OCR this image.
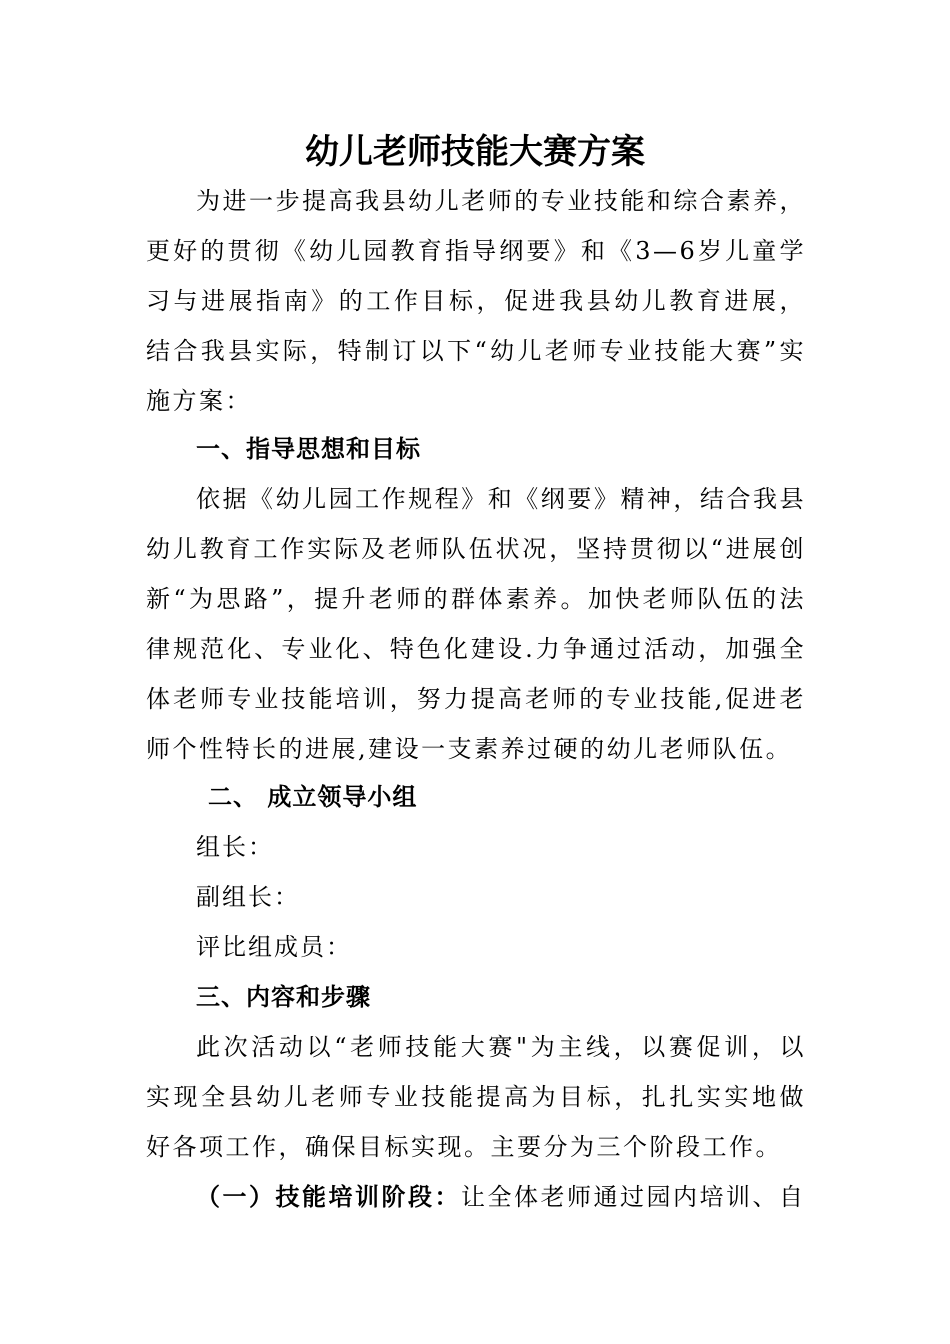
幼儿老师技能大赛方案
为进一步提高我县幼儿老师的专业技能和综合素养，更好的贯彻《幼儿园教育指导纲要》和《3—6岁儿童学习与进展指南》的工作目标，促进我县幼儿教育进展，结合我县实际，特制订以下“幼儿老师专业技能大赛”实施方案：
一、指导思想和目标
依据《幼儿园工作规程》和《纲要》精神，结合我县幼儿教育工作实际及老师队伍状况，坚持贯彻以“进展创新“为思路”，提升老师的群体素养。加快老师队伍的法律规范化、专业化、特色化建设.力争通过活动，加强全体老师专业技能培训，努力提高老师的专业技能,促进老师个性特长的进展,建设一支素养过硬的幼儿老师队伍。
二、 成立领导小组
组长：
副组长：
评比组成员：
三、内容和步骤
此次活动以“老师技能大赛"为主线，以赛促训，以实现全县幼儿老师专业技能提高为目标，扎扎实实地做好各项工作，确保目标实现。主要分为三个阶段工作。
（一）技能培训阶段：让全体老师通过园内培训、自
